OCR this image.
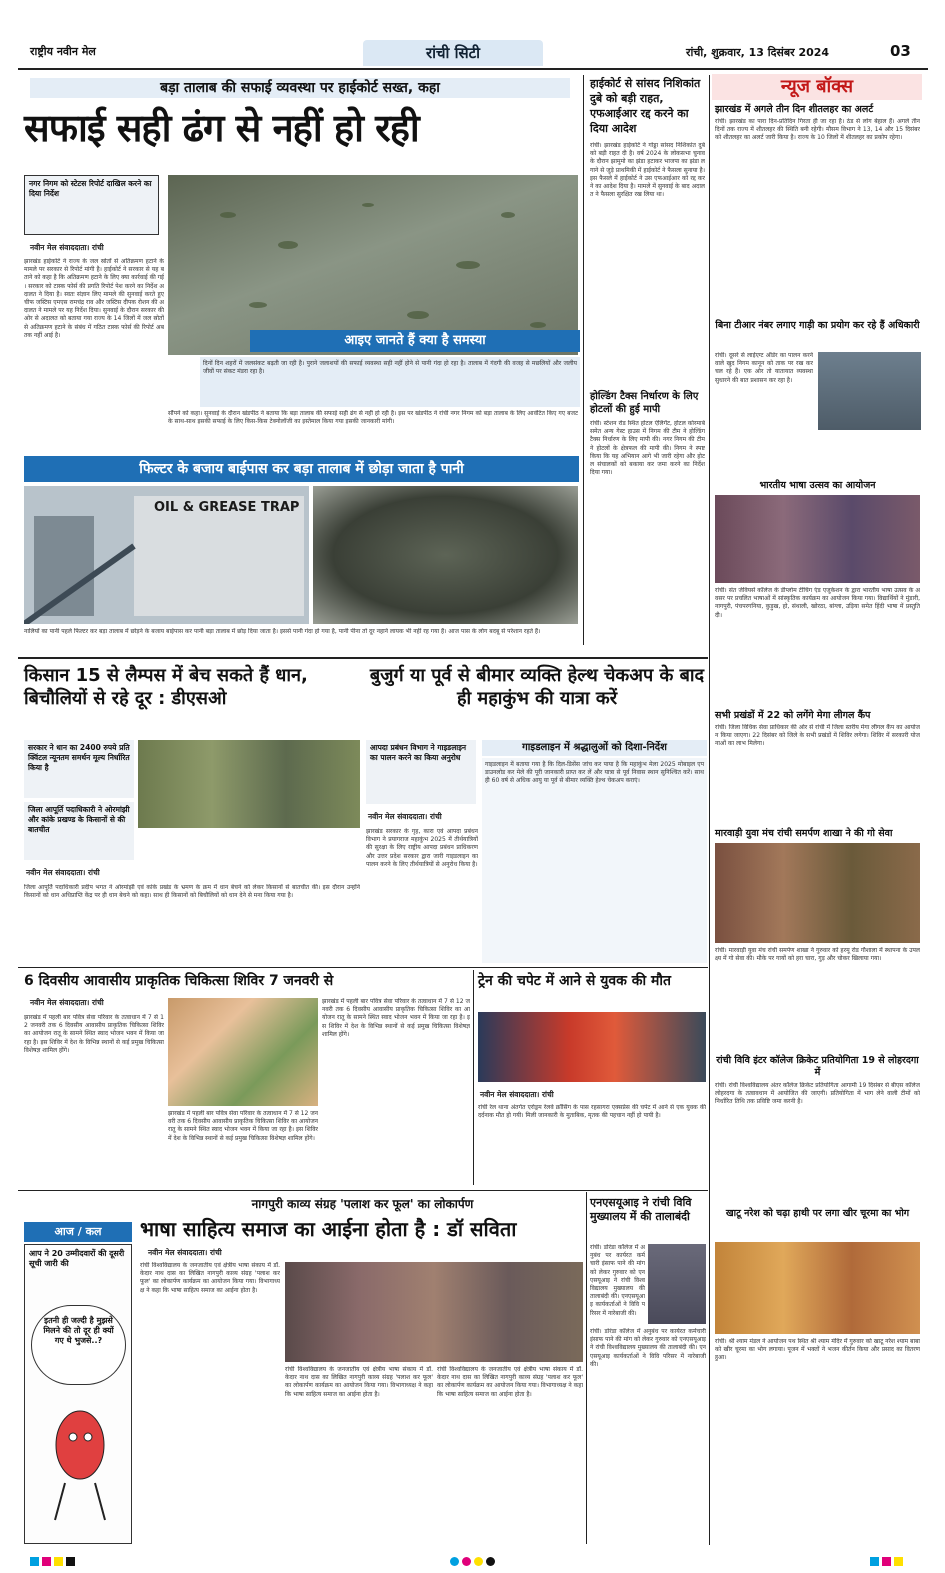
राष्ट्रीय नवीन मेल	रांची सिटी	रांची, शुक्रवार, 13 दिसंबर 2024	03
बड़ा तालाब की सफाई व्यवस्था पर हाईकोर्ट सख्त, कहा
सफाई सही ढंग से नहीं हो रही
नगर निगम को स्टेटस रिपोर्ट दाखिल करने का दिया निर्देश
नवीन मेल संवाददाता। रांची
झारखंड हाईकोर्ट ने राज्य के जल स्रोतों से अतिक्रमण हटाने के मामले पर सरकार से रिपोर्ट मांगी है। हाईकोर्ट ने सरकार से यह बताने को कहा है कि अतिक्रमण हटाने के लिए क्या कार्रवाई की गई। सरकार को टास्क फोर्स की प्रगति रिपोर्ट पेश करने का निर्देश अदालत ने दिया है। स्वतः संज्ञान लिए मामले की सुनवाई करते हुए चीफ जस्टिस एमएस रामचंद्र राव और जस्टिस दीपक रोशन की अदालत ने मामले पर यह निर्देश दिया। सुनवाई के दौरान सरकार की ओर से अदालत को बताया गया राज्य के 14 जिलों में जल स्रोतों से अतिक्रमण हटाने के संबंध में गठित टास्क फोर्स की रिपोर्ट अब तक नहीं आई है।	आइए जानते हैं क्या है समस्या
दिनों दिन शहरों में जलसंकट बढ़ती जा रही है। पुराने जलाशयों की सफाई व्यवस्था सही नहीं होने से पानी गंदा हो रहा है। तालाब में गंदगी की वजह से मछलियों और जलीय जीवों पर संकट मंडरा रहा है।
सौंपने को कहा। सुनवाई के दौरान खंडपीठ ने बताया कि बड़ा तालाब की सफाई सही ढंग से नहीं हो रही है। इस पर खंडपीठ ने रांची नगर निगम को बड़ा तालाब के लिए आवंटित किए गए बजट के साथ-साथ इसकी सफाई के लिए किस-किस टेक्नोलॉजी का इस्तेमाल किया गया इसकी जानकारी मांगी।
फिल्टर के बजाय बाईपास कर बड़ा तालाब में छोड़ा जाता है पानी
OIL & GREASE TRAP
नालियों का पानी पहले फिल्टर कर बड़ा तालाब में छोड़ने के बजाय बाईपास कर पानी बड़ा तालाब में छोड़ दिया जाता है। इससे पानी गंदा हो गया है, पानी पीना तो दूर नहाने लायक भी नहीं रह गया है। आज पास के लोग बदबू से परेशान रहते हैं।
हाईकोर्ट से सांसद निशिकांत दुबे को बड़ी राहत, एफआईआर रद्द करने का दिया आदेश
रांची। झारखंड हाईकोर्ट ने गोड्डा सांसद निशिकांत दुबे को बड़ी राहत दी है। वर्ष 2024 के लोकसभा चुनाव के दौरान झामुमो का झंडा हटाकर भाजपा का झंडा लगाने से जुड़े प्राथमिकी में हाईकोर्ट ने फैसला सुनाया है। इस फैसले में हाईकोर्ट ने उस एफआईआर को रद्द करने का आदेश दिया है। मामले में सुनवाई के बाद अदालत ने फैसला सुरक्षित रख लिया था।
होल्डिंग टैक्स निर्धारण के लिए होटलों की हुई मापी
रांची। स्टेशन रोड स्थित होटल ऐलिगेंट, होटल कोरमाबे समेत अन्य गेस्ट हाउस में निगम की टीम ने होल्डिंग टैक्स निर्धारण के लिए मापी की। नगर निगम की टीम ने होटलों के क्षेत्रफल की मापी की। निगम ने स्पष्ट किया कि यह अभियान आगे भी जारी रहेगा और होटल संचालकों को बकाया कर जमा करने का निर्देश दिया गया।
न्यूज बॉक्स
झारखंड में अगले तीन दिन शीतलहर का अलर्ट
रांची। झारखंड का पारा दिन-प्रतिदिन गिरता ही जा रहा है। ठंड से लोग बेहाल हैं। अगले तीन दिनों तक राज्य में शीतलहर की स्थिति बनी रहेगी। मौसम विभाग ने 13, 14 और 15 दिसंबर को शीतलहर का अलर्ट जारी किया है। राज्य के 10 जिलों में शीतलहर का प्रकोप रहेगा।
बिना टीआर नंबर लगाए गाड़ी का प्रयोग कर रहे हैं अधिकारी
रांची। दूसरे से लाईएग्ट ऑर्डर का पालन करने वाले खुद निगम कानून को ताक पर रख कर चल रहे हैं। एक ओर तो यातायात व्यवस्था सुधारने की बात प्रशासन कर रहा है।
भारतीय भाषा उत्सव का आयोजन
रांची। संत जेवियर्स कॉलेज के डीप्लोम टीचिंग एंड एजुकेशन के द्वारा भारतीय भाषा उत्सव के अवसर पर प्रचलित भाषाओं में सांस्कृतिक कार्यक्रम का आयोजन किया गया। विद्यार्थियों ने मुंडारी, नागपुरी, पंचपरगनिया, कुड़ुख, हो, संथाली, खोरठा, बांग्ला, उड़िया समेत हिंदी भाषा में प्रस्तुति दी।
सभी प्रखंडों में 22 को लगेंगे मेगा लीगल कैंप
रांची। जिला विधिक सेवा प्राधिकार की ओर से रांची में जिला स्तरीय मेगा लीगल कैंप का आयोजन किया जाएगा। 22 दिसंबर को जिले के सभी प्रखंडों में शिविर लगेगा। शिविर में सरकारी योजनाओं का लाभ मिलेगा।
मारवाड़ी युवा मंच रांची समर्पण शाखा ने की गो सेवा
रांची। मारवाड़ी युवा मंच रांची समर्पण शाखा ने गुरुवार को हरमू रोड गौशाला में स्थापना के उपलक्ष्य में गो सेवा की। मौके पर गायों को हरा चारा, गुड़ और चोकर खिलाया गया।
रांची विवि इंटर कॉलेज क्रिकेट प्रतियोगिता 19 से लोहरदगा में
रांची। रांची विश्वविद्यालय अंतर कॉलेज क्रिकेट प्रतियोगिता आगामी 19 दिसंबर से बीएस कॉलेज लोहरदगा के तत्वावधान में आयोजित की जाएगी। प्रतियोगिता में भाग लेने वाली टीमों को निर्धारित तिथि तक प्रविष्टि जमा करनी है।
खाटू नरेश को चढ़ा हाथी पर लगा खीर चूरमा का भोग
रांची। श्री श्याम मंडल ने आयोजन पथ स्थित श्री श्याम मंदिर में गुरुवार को खाटू नरेश श्याम बाबा को खीर चूरमा का भोग लगाया। पूजन में भक्तों ने भजन कीर्तन किया और प्रसाद का वितरण हुआ।
किसान 15 से लैम्पस में बेच सकते हैं धान, बिचौलियों से रहे दूर : डीएसओ
सरकार ने धान का 2400 रुपये प्रति क्विंटल न्यूनतम समर्थन मूल्य निर्धारित किया है
जिला आपूर्ति पदाधिकारी ने ओरमांझी और कांके प्रखण्ड के किसानों से की बातचीत
नवीन मेल संवाददाता। रांची
जिला आपूर्ति पदाधिकारी प्रदीप भगत ने ओरमांझी एवं कांके प्रखंड के भ्रमण के क्रम में धान बेचने को लेकर किसानों से बातचीत की। इस दौरान उन्होंने किसानों को धान अधिप्राप्ति केंद्र पर ही धान बेचने को कहा। साथ ही किसानों को बिचौलियों को धान देने से मना किया गया है।
बुजुर्ग या पूर्व से बीमार व्यक्ति हेल्थ चेकअप के बाद ही महाकुंभ की यात्रा करें
आपदा प्रबंधन विभाग ने गाइडलाइन का पालन करने का किया अनुरोध
नवीन मेल संवाददाता। रांची
झारखंड सरकार के गृह, कारा एवं आपदा प्रबंधन विभाग ने प्रयागराज महाकुंभ 2025 में तीर्थयात्रियों की सुरक्षा के लिए राष्ट्रीय आपदा प्रबंधन प्राधिकरण और उत्तर प्रदेश सरकार द्वारा जारी गाइडलाइन का पालन करने के लिए तीर्थयात्रियों से अनुरोध किया है।
गाइडलाइन में श्रद्धालुओं को दिशा-निर्देश
गाइडलाइन में बताया गया है कि दिल-डिसेंस जांच कर पाया है कि महाकुंभ मेला 2025 मोबाइल एप डाउनलोड कर मेले की पूरी जानकारी प्राप्त कर लें और यात्रा से पूर्व निवास स्थान सुनिश्चित करें। साथ ही 60 वर्ष से अधिक आयु या पूर्व से बीमार व्यक्ति हेल्थ चेकअप कराएं।
6 दिवसीय आवासीय प्राकृतिक चिकित्सा शिविर 7 जनवरी से
नवीन मेल संवाददाता। रांची
झारखंड में पहली बार पवित्र सेवा परिवार के तत्वाधान में 7 से 12 जनवरी तक 6 दिवसीय आवासीय प्राकृतिक चिकित्सा शिविर का आयोजन रातू के सामने स्थित स्वाद भोजन भवन में किया जा रहा है। इस शिविर में देश के विभिन्न स्थानों से कई प्रमुख चिकित्सा विशेषज्ञ शामिल होंगे।
झारखंड में पहली बार पवित्र सेवा परिवार के तत्वाधान में 7 से 12 जनवरी तक 6 दिवसीय आवासीय प्राकृतिक चिकित्सा शिविर का आयोजन रातू के सामने स्थित स्वाद भोजन भवन में किया जा रहा है। इस शिविर में देश के विभिन्न स्थानों से कई प्रमुख चिकित्सा विशेषज्ञ शामिल होंगे।
झारखंड में पहली बार पवित्र सेवा परिवार के तत्वाधान में 7 से 12 जनवरी तक 6 दिवसीय आवासीय प्राकृतिक चिकित्सा शिविर का आयोजन रातू के सामने स्थित स्वाद भोजन भवन में किया जा रहा है। इस शिविर में देश के विभिन्न स्थानों से कई प्रमुख चिकित्सा विशेषज्ञ शामिल होंगे।
ट्रेन की चपेट में आने से युवक की मौत
नवीन मेल संवाददाता। रांची
रांची रेल थाना अंतर्गत एरोड्रम रेलवे क्रॉसिंग के पास रहसागरा एक्सप्रेस की चपेट में आने से एक युवक की दर्दनाक मौत हो गयी। मिली जानकारी के मुताबिक, मृतक की पहचान नहीं हो पायी है।
आज / कल
आप ने 20 उम्मीदवारों की दूसरी सूची जारी की
इतनी ही जल्दी है मुझसे मिलने की तो दूर ही क्यों गए थे भुजसे..?
नागपुरी काव्य संग्रह 'पलाश कर फूल' का लोकार्पण
भाषा साहित्य समाज का आईना होता है : डॉ सविता
नवीन मेल संवाददाता। रांची
रांची विश्वविद्यालय के जनजातीय एवं क्षेत्रीय भाषा संकाय में डॉ. केदार नाथ दास का लिखित नागपुरी काव्य संग्रह 'पलाश कर फूल' का लोकार्पण कार्यक्रम का आयोजन किया गया। विभागाध्यक्ष ने कहा कि भाषा साहित्य समाज का आईना होता है।
रांची विश्वविद्यालय के जनजातीय एवं क्षेत्रीय भाषा संकाय में डॉ. केदार नाथ दास का लिखित नागपुरी काव्य संग्रह 'पलाश कर फूल' का लोकार्पण कार्यक्रम का आयोजन किया गया। विभागाध्यक्ष ने कहा कि भाषा साहित्य समाज का आईना होता है।
रांची विश्वविद्यालय के जनजातीय एवं क्षेत्रीय भाषा संकाय में डॉ. केदार नाथ दास का लिखित नागपुरी काव्य संग्रह 'पलाश कर फूल' का लोकार्पण कार्यक्रम का आयोजन किया गया। विभागाध्यक्ष ने कहा कि भाषा साहित्य समाज का आईना होता है।
एनएसयूआइ ने रांची विवि मुख्यालय में की तालाबंदी
रांची। डोरंडा कॉलेज में अनुबंध पर कार्यरत कर्मचारी इंसाफ पाने की मांग को लेकर गुरुवार को एनएसयूआइ ने रांची विश्वविद्यालय मुख्यालय की तालाबंदी की। एनएसयूआइ कार्यकर्ताओं ने विवि परिसर में नारेबाजी की।
रांची। डोरंडा कॉलेज में अनुबंध पर कार्यरत कर्मचारी इंसाफ पाने की मांग को लेकर गुरुवार को एनएसयूआइ ने रांची विश्वविद्यालय मुख्यालय की तालाबंदी की। एनएसयूआइ कार्यकर्ताओं ने विवि परिसर में नारेबाजी की।
